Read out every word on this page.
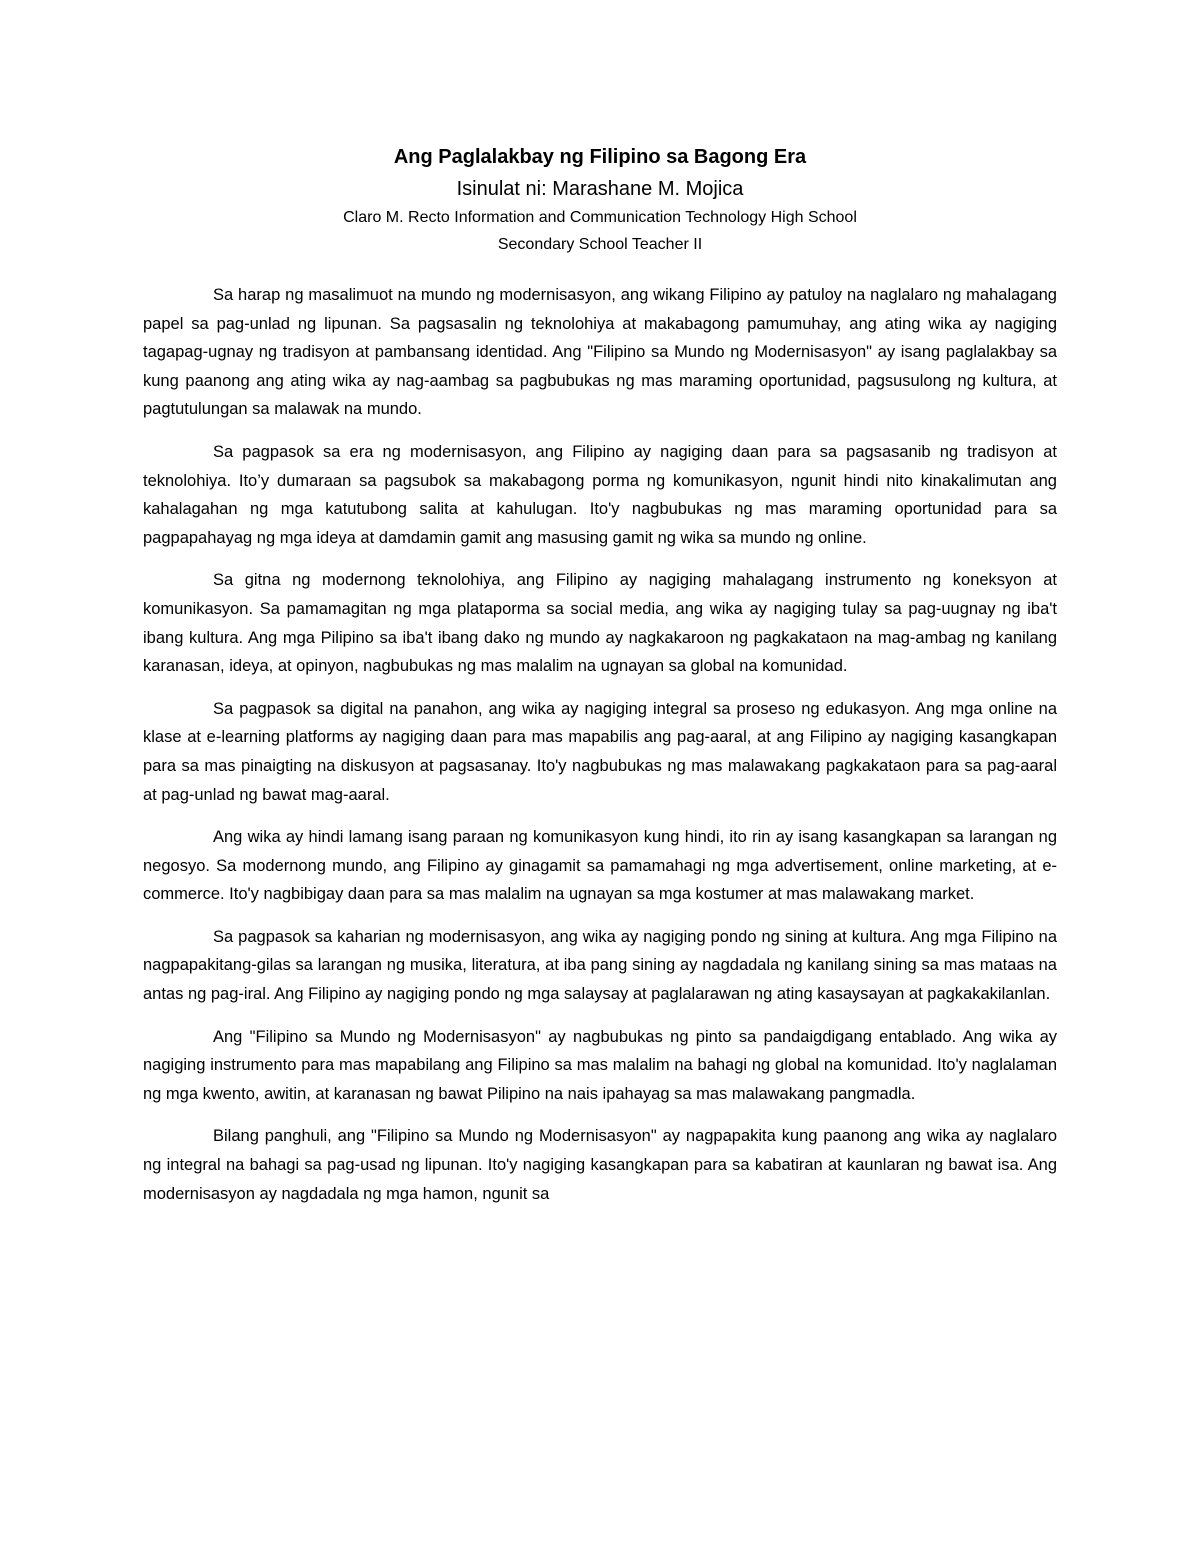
Ang Paglalakbay ng Filipino sa Bagong Era

Isinulat ni: Marashane M. Mojica

Claro M. Recto Information and Communication Technology High School

Secondary School Teacher II

Sa harap ng masalimuot na mundo ng modernisasyon, ang wikang Filipino ay patuloy na naglalaro ng mahalagang papel sa pag-unlad ng lipunan. Sa pagsasalin ng teknolohiya at makabagong pamumuhay, ang ating wika ay nagiging tagapag-ugnay ng tradisyon at pambansang identidad. Ang "Filipino sa Mundo ng Modernisasyon" ay isang paglalakbay sa kung paanong ang ating wika ay nag-aambag sa pagbubukas ng mas maraming oportunidad, pagsusulong ng kultura, at pagtutulungan sa malawak na mundo.

Sa pagpasok sa era ng modernisasyon, ang Filipino ay nagiging daan para sa pagsasanib ng tradisyon at teknolohiya. Ito’y dumaraan sa pagsubok sa makabagong porma ng komunikasyon, ngunit hindi nito kinakalimutan ang kahalagahan ng mga katutubong salita at kahulugan. Ito'y nagbubukas ng mas maraming oportunidad para sa pagpapahayag ng mga ideya at damdamin gamit ang masusing gamit ng wika sa mundo ng online.

Sa gitna ng modernong teknolohiya, ang Filipino ay nagiging mahalagang instrumento ng koneksyon at komunikasyon. Sa pamamagitan ng mga plataporma sa social media, ang wika ay nagiging tulay sa pag-uugnay ng iba't ibang kultura. Ang mga Pilipino sa iba't ibang dako ng mundo ay nagkakaroon ng pagkakataon na mag-ambag ng kanilang karanasan, ideya, at opinyon, nagbubukas ng mas malalim na ugnayan sa global na komunidad.

Sa pagpasok sa digital na panahon, ang wika ay nagiging integral sa proseso ng edukasyon. Ang mga online na klase at e-learning platforms ay nagiging daan para mas mapabilis ang pag-aaral, at ang Filipino ay nagiging kasangkapan para sa mas pinaigting na diskusyon at pagsasanay. Ito'y nagbubukas ng mas malawakang pagkakataon para sa pag-aaral at pag-unlad ng bawat mag-aaral.

Ang wika ay hindi lamang isang paraan ng komunikasyon kung hindi, ito rin ay isang kasangkapan sa larangan ng negosyo. Sa modernong mundo, ang Filipino ay ginagamit sa pamamahagi ng mga advertisement, online marketing, at e-commerce. Ito'y nagbibigay daan para sa mas malalim na ugnayan sa mga kostumer at mas malawakang market.

Sa pagpasok sa kaharian ng modernisasyon, ang wika ay nagiging pondo ng sining at kultura. Ang mga Filipino na nagpapakitang-gilas sa larangan ng musika, literatura, at iba pang sining ay nagdadala ng kanilang sining sa mas mataas na antas ng pag-iral. Ang Filipino ay nagiging pondo ng mga salaysay at paglalarawan ng ating kasaysayan at pagkakakilanlan.

Ang "Filipino sa Mundo ng Modernisasyon" ay nagbubukas ng pinto sa pandaigdigang entablado. Ang wika ay nagiging instrumento para mas mapabilang ang Filipino sa mas malalim na bahagi ng global na komunidad. Ito'y naglalaman ng mga kwento, awitin, at karanasan ng bawat Pilipino na nais ipahayag sa mas malawakang pangmadla.

Bilang panghuli, ang "Filipino sa Mundo ng Modernisasyon" ay nagpapakita kung paanong ang wika ay naglalaro ng integral na bahagi sa pag-usad ng lipunan. Ito'y nagiging kasangkapan para sa kabatiran at kaunlaran ng bawat isa. Ang modernisasyon ay nagdadala ng mga hamon, ngunit sa
